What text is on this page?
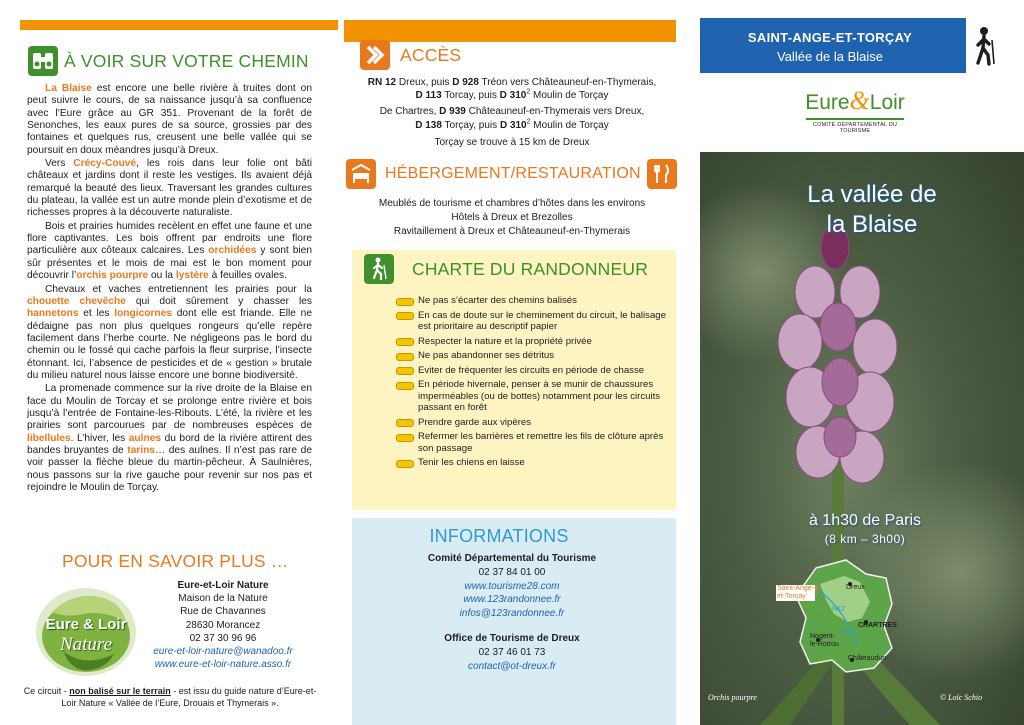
À VOIR SUR VOTRE CHEMIN

La Blaise est encore une belle rivière à truites dont on peut suivre le cours, de sa naissance jusqu’à sa confluence avec l’Eure grâce au GR 351. Provenant de la forêt de Senonches, les eaux pures de sa source, grossies par des fontaines et quelques rus, creusent une belle vallée qui se poursuit en doux méandres jusqu’à Dreux.

Vers Crécy-Couvé, les rois dans leur folie ont bâti châteaux et jardins dont il reste les vestiges. Ils avaient déjà remarqué la beauté des lieux. Traversant les grandes cultures du plateau, la vallée est un autre monde plein d’exotisme et de richesses propres à la découverte naturaliste.

Bois et prairies humides recèlent en effet une faune et une flore captivantes. Les bois offrent par endroits une flore particulière aux côteaux calcaires. Les orchidées y sont bien sûr présentes et le mois de mai est le bon moment pour découvrir l’orchis pourpre ou la lystère à feuilles ovales.

Chevaux et vaches entretiennent les prairies pour la chouette chevêche qui doit sûrement y chasser les hannetons et les longicornes dont elle est friande. Elle ne dédaigne pas non plus quelques rongeurs qu’elle repère facilement dans l’herbe courte. Ne négligeons pas le bord du chemin ou le fossé qui cache parfois la fleur surprise, l’insecte étonnant. Ici, l’absence de pesticides et de « gestion » brutale du milieu naturel nous laisse encore une bonne biodiversité.

La promenade commence sur la rive droite de la Blaise en face du Moulin de Torcay et se prolonge entre rivière et bois jusqu’à l’entrée de Fontaine-les-Ribouts. L’été, la rivière et les prairies sont parcourues par de nombreuses espèces de libellules. L’hiver, les aulnes du bord de la rivière attirent des bandes bruyantes de tarins… des aulnes. Il n’est pas rare de voir passer la flèche bleue du martin-pêcheur. À Saulnières, nous passons sur la rive gauche pour revenir sur nos pas et rejoindre le Moulin de Torçay.

POUR EN SAVOIR PLUS …
Eure & Loir
Nature
Eure-et-Loir Nature
Maison de la Nature
Rue de Chavannes
28630 Morancez
02 37 30 96 96
eure-et-loir-nature@wanadoo.fr
www.eure-et-loir-nature.asso.fr
Ce circuit - non balisé sur le terrain - est issu du guide nature d’Eure-et-Loir Nature « Vallée de l’Eure, Drouais et Thymerais ».
ACCÈS
RN 12 Dreux, puis D 928 Tréon vers Châteauneuf-en-Thymerais,
D 113 Torcay, puis D $310^2$ Moulin de Torçay
De Chartres, D 939 Châteauneuf-en-Thymerais vers Dreux,
D 138 Torçay, puis D $310^2$ Moulin de Torçay
Torçay se trouve à 15 km de Dreux
HÉBERGEMENT/RESTAURATION
Meublés de tourisme et chambres d’hôtes dans les environs
Hôtels à Dreux et Brezolles
Ravitaillement à Dreux et Châteauneuf-en-Thymerais
CHARTE DU RANDONNEUR
Ne pas s’écarter des chemins balisés
En cas de doute sur le cheminement du circuit, le balisage est prioritaire au descriptif papier
Respecter la nature et la propriété privée
Ne pas abandonner ses détritus
Eviter de fréquenter les circuits en période de chasse
En période hivernale, penser à se munir de chaussures imperméables (ou de bottes) notamment pour les circuits passant en forêt
Prendre garde aux vipères
Refermer les barrières et remettre les fils de clôture après son passage
Tenir les chiens en laisse
INFORMATIONS
Comité Départemental du Tourisme
02 37 84 01 00
www.tourisme28.com
www.123randonnee.fr
infos@123randonnee.fr
Office de Tourisme de Dreux
02 37 46 01 73
contact@ot-dreux.fr
SAINT-ANGE-ET-TORÇAY
Vallée de la Blaise
Eure&Loir
COMITÉ DÉPARTEMENTAL DU TOURISME
La vallée de
la Blaise
à 1h30 de Paris
(8 km – 3h00)
Saint-Ange-
et-Torçay
Dreux
CHARTRES
Nogent-
le-Rotrou
Châteaudun
N12
A11
Orchis pourpre	© Loïc Schio
